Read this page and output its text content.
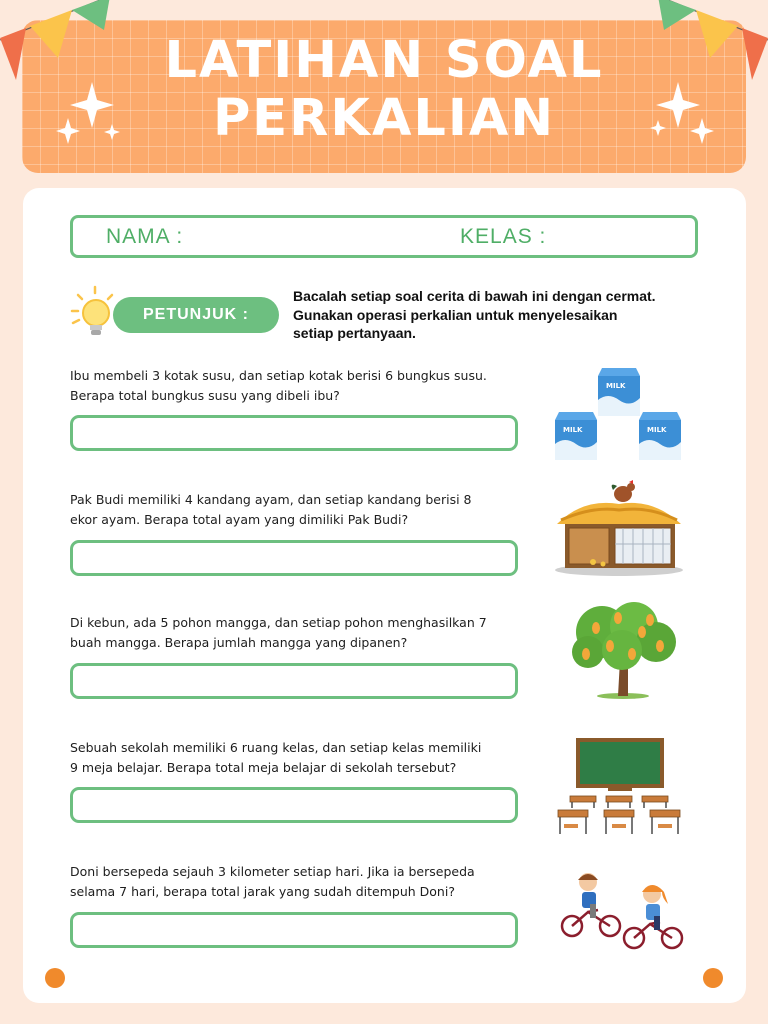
LATIHAN SOAL
PERKALIAN
NAMA :	KELAS :
PETUNJUK :
Bacalah setiap soal cerita di bawah ini dengan cermat.
Gunakan operasi perkalian untuk menyelesaikan
setiap pertanyaan.
Ibu membeli 3 kotak susu, dan setiap kotak berisi 6 bungkus susu.
Berapa total bungkus susu yang dibeli ibu?
MILK
MILK	MILK
Pak Budi memiliki 4 kandang ayam, dan setiap kandang berisi 8
ekor ayam. Berapa total ayam yang dimiliki Pak Budi?
Di kebun, ada 5 pohon mangga, dan setiap pohon menghasilkan 7
buah mangga. Berapa jumlah mangga yang dipanen?
Sebuah sekolah memiliki 6 ruang kelas, dan setiap kelas memiliki
9 meja belajar. Berapa total meja belajar di sekolah tersebut?
Doni bersepeda sejauh 3 kilometer setiap hari. Jika ia bersepeda
selama 7 hari, berapa total jarak yang sudah ditempuh Doni?
